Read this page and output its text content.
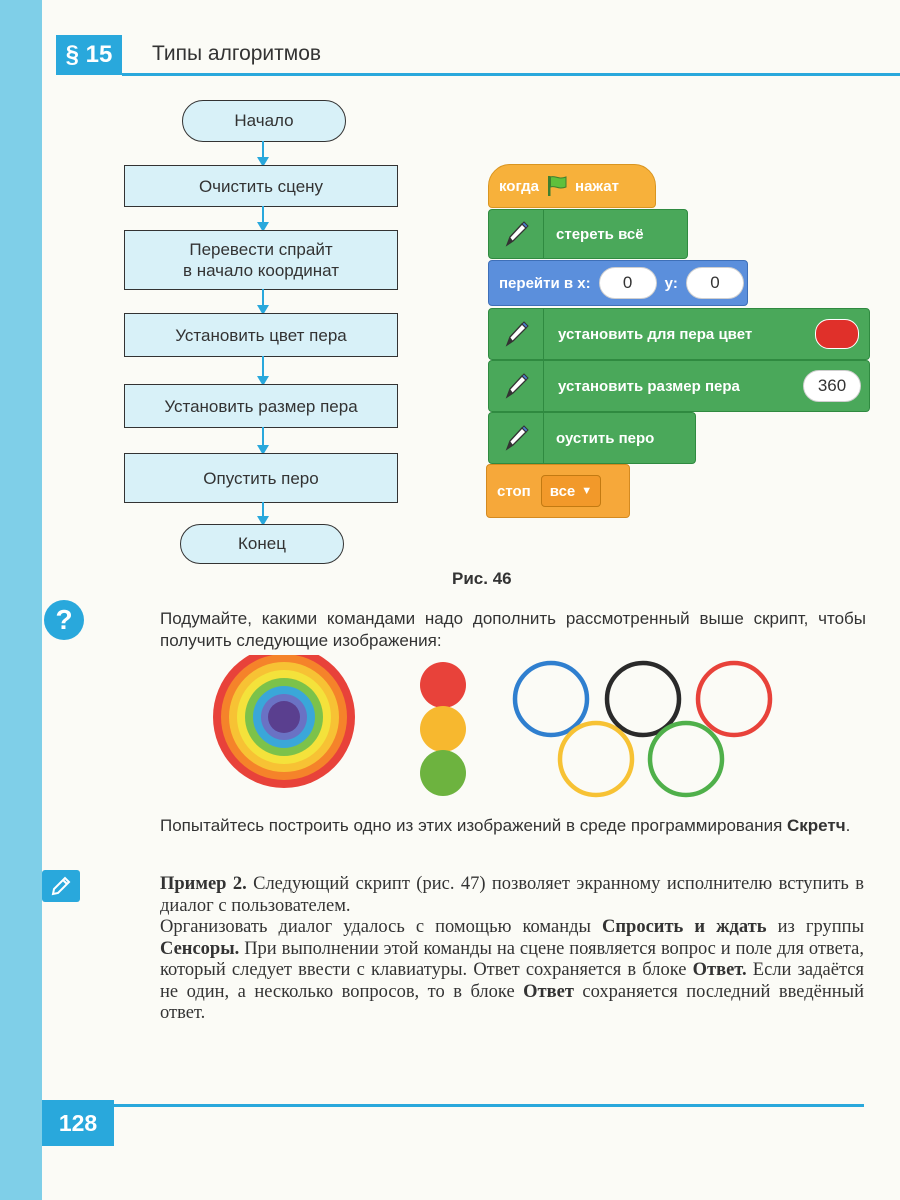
§ 15 Типы алгоритмов
Начало
Очистить сцену
Перевести спрайт
в начало координат
Установить цвет пера
Установить размер пера
Опустить перо
Конец
когда нажат
стереть всё
перейти в x:	0	y:	0
установить для пера цвет
установить размер пера	360
оустить перо
стоп все ▼
Рис. 46
?	Подумайте, какими командами надо дополнить рассмотренный выше скрипт, чтобы получить следующие изображения:
Попытайтесь построить одно из этих изображений в среде программирования Скретч.

Пример 2. Следующий скрипт (рис. 47) позволяет экранному исполнителю вступить в диалог с пользователем.

Организовать диалог удалось с помощью команды Спросить и ждать из группы Сенсоры. При выполнении этой команды на сцене появляется вопрос и поле для ответа, который следует ввести с клавиатуры. Ответ сохраняется в блоке Ответ. Если задаётся не один, а несколько вопросов, то в блоке Ответ сохраняется последний введённый ответ.

128
